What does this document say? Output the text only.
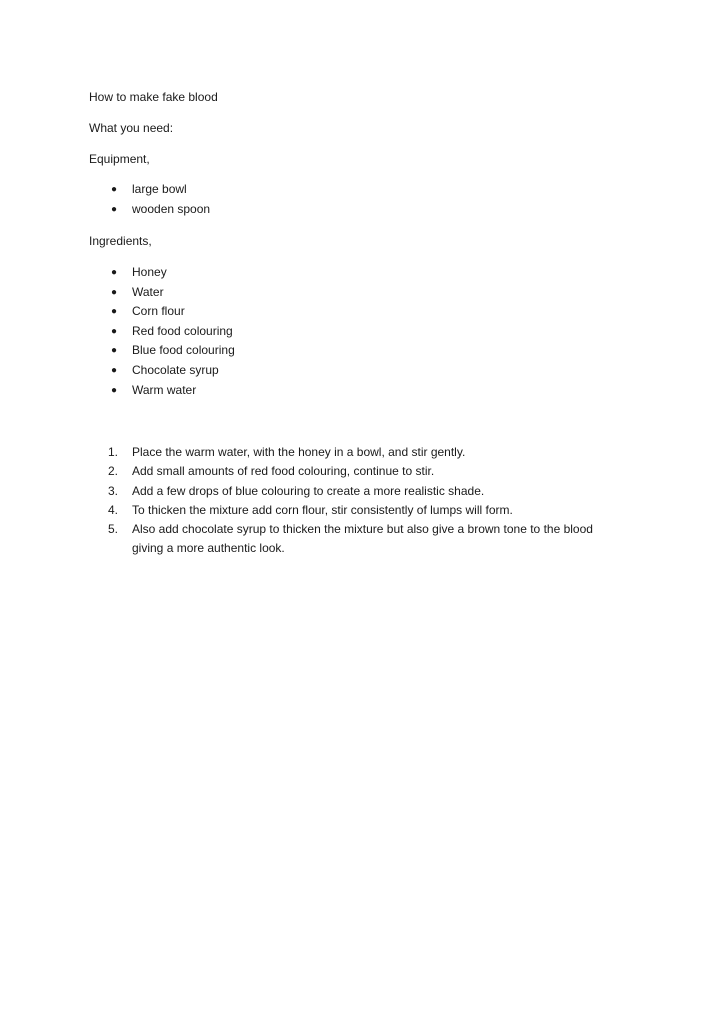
How to make fake blood

What you need:

Equipment,

● large bowl
● wooden spoon

Ingredients,

● Honey
● Water
● Corn flour
● Red food colouring
● Blue food colouring
● Chocolate syrup
● Warm water
1. Place the warm water, with the honey in a bowl, and stir gently.
2. Add small amounts of red food colouring, continue to stir.
3. Add a few drops of blue colouring to create a more realistic shade.
4. To thicken the mixture add corn flour, stir consistently of lumps will form.
5. Also add chocolate syrup to thicken the mixture but also give a brown tone to the blood giving a more authentic look.
